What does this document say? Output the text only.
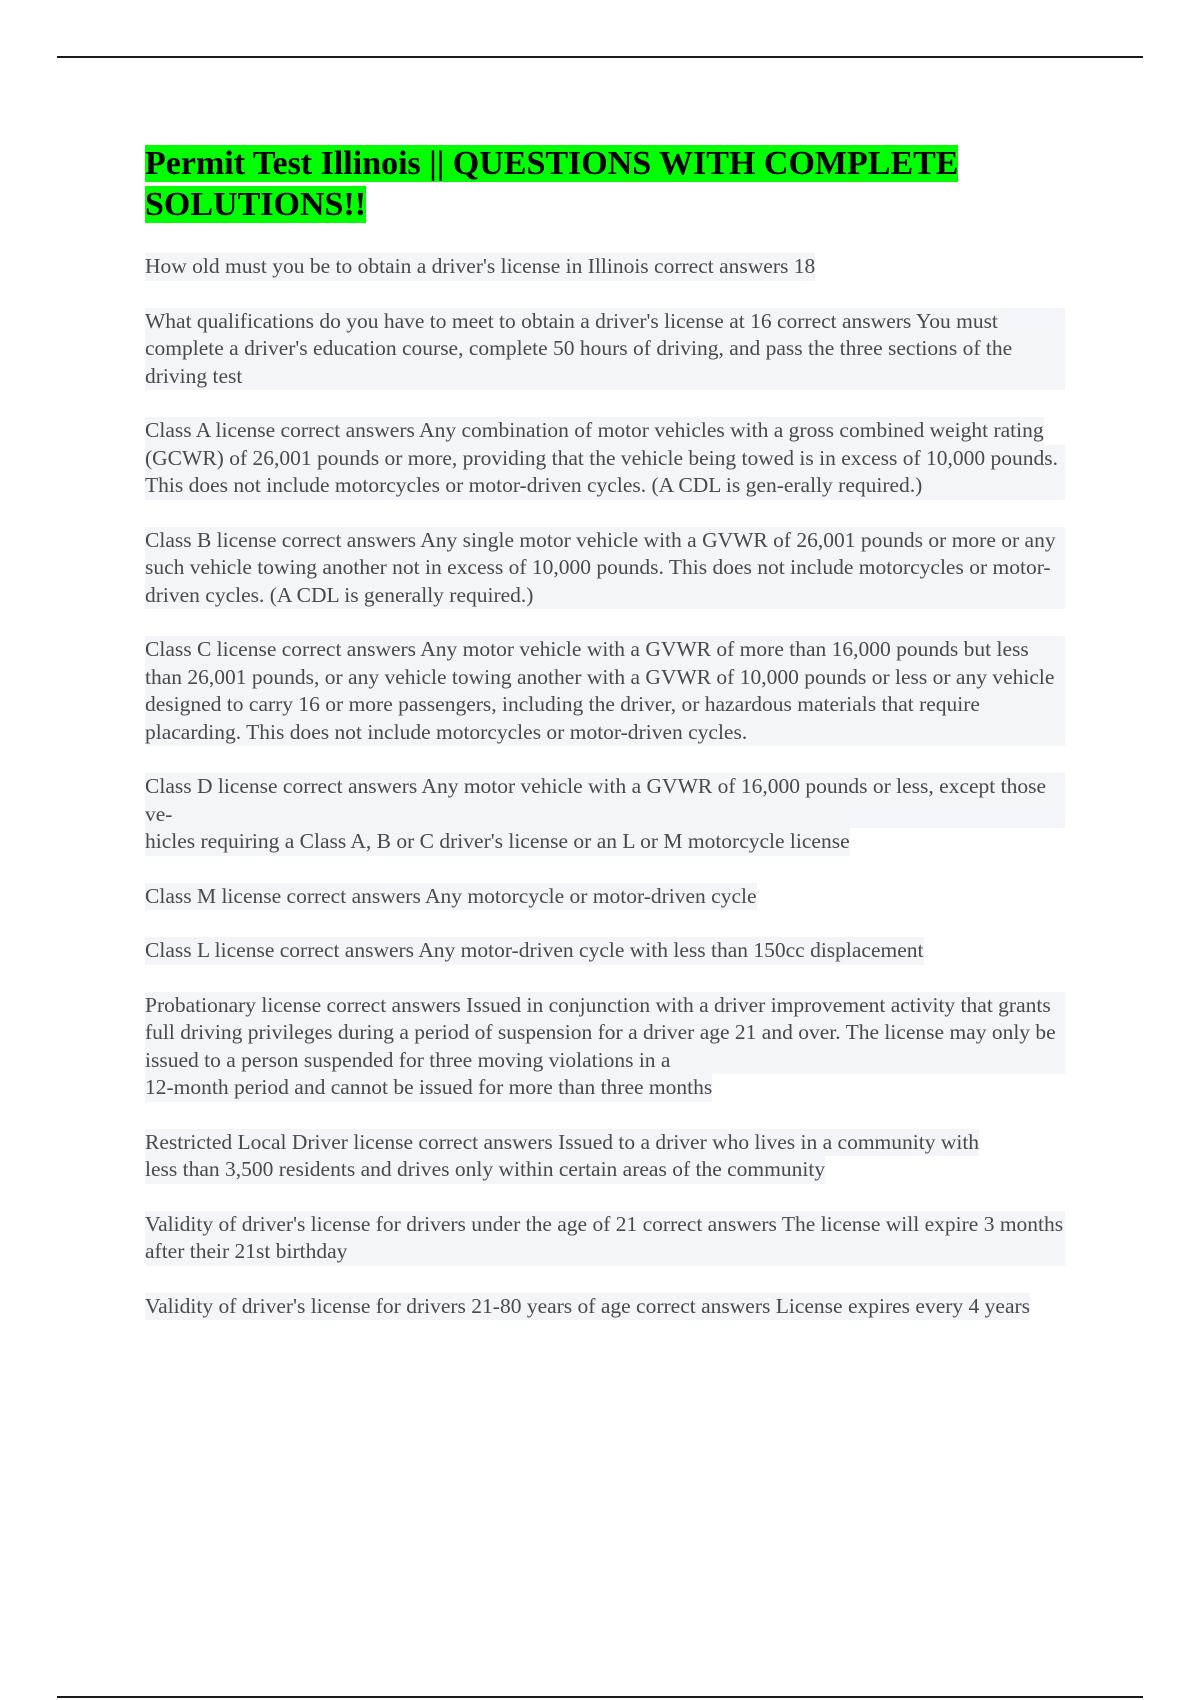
Permit Test Illinois || QUESTIONS WITH COMPLETE SOLUTIONS!!
How old must you be to obtain a driver's license in Illinois correct answers 18
What qualifications do you have to meet to obtain a driver's license at 16 correct answers You must complete a driver's education course, complete 50 hours of driving, and pass the three sections of the driving test
Class A license correct answers Any combination of motor vehicles with a gross combined weight rating
(GCWR) of 26,001 pounds or more, providing that the vehicle being towed is in excess of 10,000 pounds. This does not include motorcycles or motor-driven cycles. (A CDL is gen-erally required.)
Class B license correct answers Any single motor vehicle with a GVWR of 26,001 pounds or more or any such vehicle towing another not in excess of 10,000 pounds. This does not include motorcycles or motor-driven cycles. (A CDL is generally required.)
Class C license correct answers Any motor vehicle with a GVWR of more than 16,000 pounds but less than 26,001 pounds, or any vehicle towing another with a GVWR of 10,000 pounds or less or any vehicle designed to carry 16 or more passengers, including the driver, or hazardous materials that require placarding. This does not include motorcycles or motor-driven cycles.
Class D license correct answers Any motor vehicle with a GVWR of 16,000 pounds or less, except those ve-
hicles requiring a Class A, B or C driver's license or an L or M motorcycle license
Class M license correct answers Any motorcycle or motor-driven cycle
Class L license correct answers Any motor-driven cycle with less than 150cc displacement
Probationary license correct answers Issued in conjunction with a driver improvement activity that grants full driving privileges during a period of suspension for a driver age 21 and over. The license may only be issued to a person suspended for three moving violations in a
12-month period and cannot be issued for more than three months
Restricted Local Driver license correct answers Issued to a driver who lives in a community with
less than 3,500 residents and drives only within certain areas of the community
Validity of driver's license for drivers under the age of 21 correct answers The license will expire 3 months after their 21st birthday
Validity of driver's license for drivers 21-80 years of age correct answers License expires every 4 years
